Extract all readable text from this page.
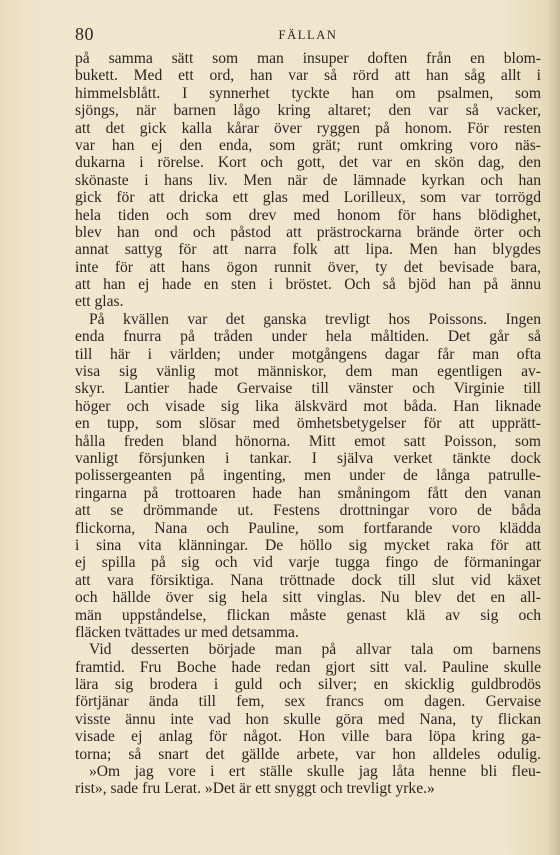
80	FÄLLAN
på samma sätt som man insuper doften från en blom-
bukett. Med ett ord, han var så rörd att han såg allt i
himmelsblått. I synnerhet tyckte han om psalmen, som
sjöngs, när barnen lågo kring altaret; den var så vacker,
att det gick kalla kårar över ryggen på honom. För resten
var han ej den enda, som grät; runt omkring voro näs-
dukarna i rörelse. Kort och gott, det var en skön dag, den
skönaste i hans liv. Men när de lämnade kyrkan och han
gick för att dricka ett glas med Lorilleux, som var torrögd
hela tiden och som drev med honom för hans blödighet,
blev han ond och påstod att prästrockarna brände örter och
annat sattyg för att narra folk att lipa. Men han blygdes
inte för att hans ögon runnit över, ty det bevisade bara,
att han ej hade en sten i bröstet. Och så bjöd han på ännu
ett glas.
På kvällen var det ganska trevligt hos Poissons. Ingen
enda fnurra på tråden under hela måltiden. Det går så
till här i världen; under motgångens dagar får man ofta
visa sig vänlig mot människor, dem man egentligen av-
skyr. Lantier hade Gervaise till vänster och Virginie till
höger och visade sig lika älskvärd mot båda. Han liknade
en tupp, som slösar med ömhetsbetygelser för att upprätt-
hålla freden bland hönorna. Mitt emot satt Poisson, som
vanligt försjunken i tankar. I själva verket tänkte dock
polissergeanten på ingenting, men under de långa patrulle-
ringarna på trottoaren hade han småningom fått den vanan
att se drömmande ut. Festens drottningar voro de båda
flickorna, Nana och Pauline, som fortfarande voro klädda
i sina vita klänningar. De höllo sig mycket raka för att
ej spilla på sig och vid varje tugga fingo de förmaningar
att vara försiktiga. Nana tröttnade dock till slut vid käxet
och hällde över sig hela sitt vinglas. Nu blev det en all-
män uppståndelse, flickan måste genast klä av sig och
fläcken tvättades ur med detsamma.
Vid desserten började man på allvar tala om barnens
framtid. Fru Boche hade redan gjort sitt val. Pauline skulle
lära sig brodera i guld och silver; en skicklig guldbrodös
förtjänar ända till fem, sex francs om dagen. Gervaise
visste ännu inte vad hon skulle göra med Nana, ty flickan
visade ej anlag för något. Hon ville bara löpa kring ga-
torna; så snart det gällde arbete, var hon alldeles odulig.
»Om jag vore i ert ställe skulle jag låta henne bli fleu-
rist», sade fru Lerat. »Det är ett snyggt och trevligt yrke.»
